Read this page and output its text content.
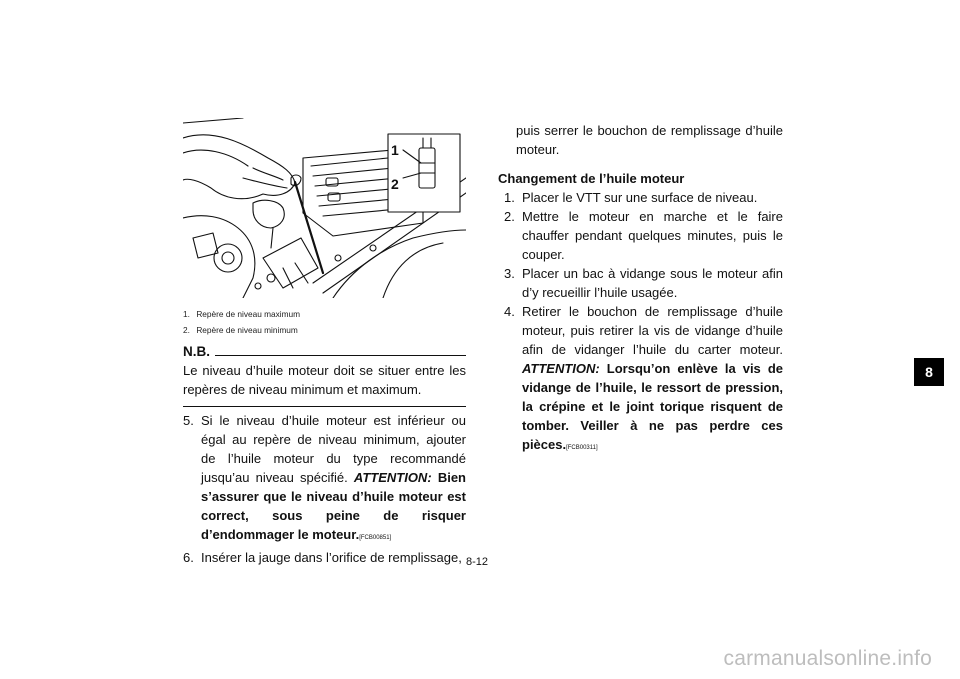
1
2
1. Repère de niveau maximum
2. Repère de niveau minimum
N.B.
Le niveau d’huile moteur doit se situer entre les repères de niveau minimum et maximum.
5. Si le niveau d’huile moteur est inférieur ou égal au repère de niveau minimum, ajouter de l’huile moteur du type recommandé jusqu’au niveau spécifié. ATTENTION: Bien s’assurer que le niveau d’huile moteur est correct, sous peine de risquer d’endommager le moteur.[FCB00851]
6. Insérer la jauge dans l’orifice de remplissage,
puis serrer le bouchon de remplissage d’huile moteur.
Changement de l’huile moteur
1. Placer le VTT sur une surface de niveau.
2. Mettre le moteur en marche et le faire chauffer pendant quelques minutes, puis le couper.
3. Placer un bac à vidange sous le moteur afin d’y recueillir l’huile usagée.
4. Retirer le bouchon de remplissage d’huile moteur, puis retirer la vis de vidange d’huile afin de vidanger l’huile du carter moteur. ATTENTION: Lorsqu’on enlève la vis de vidange de l’huile, le ressort de pression, la crépine et le joint torique risquent de tomber. Veiller à ne pas perdre ces pièces.[FCB00311]
8
8-12
carmanualsonline.info
